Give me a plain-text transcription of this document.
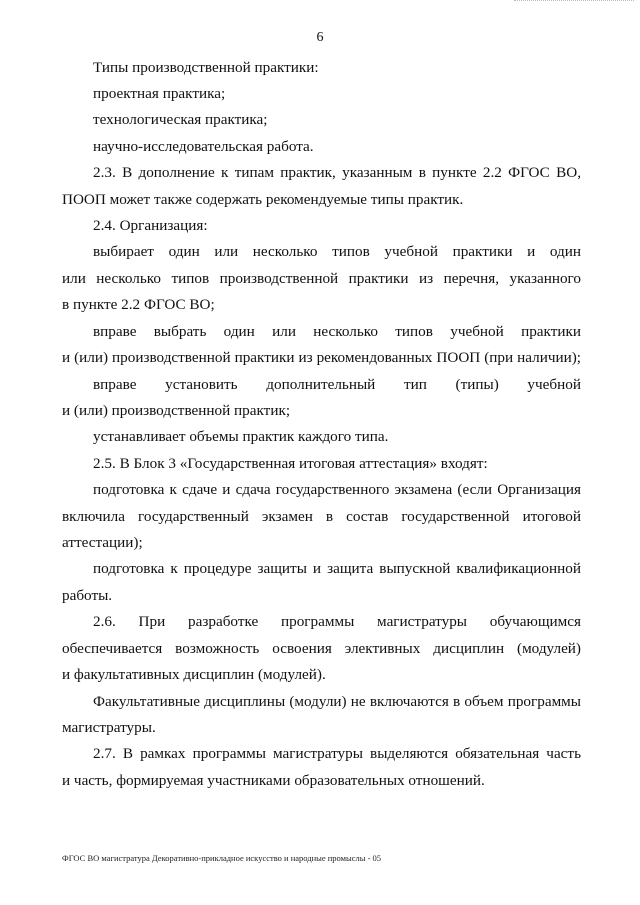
6
Типы производственной практики:
проектная практика;
технологическая практика;
научно-исследовательская работа.
2.3. В дополнение к типам практик, указанным в пункте 2.2 ФГОС ВО,
ПООП может также содержать рекомендуемые типы практик.
2.4. Организация:
выбирает один или несколько типов учебной практики и один
или несколько типов производственной практики из перечня, указанного
в пункте 2.2 ФГОС ВО;
вправе выбрать один или несколько типов учебной практики
и (или) производственной практики из рекомендованных ПООП (при наличии);
вправе установить дополнительный тип (типы) учебной
и (или) производственной практик;
устанавливает объемы практик каждого типа.
2.5. В Блок 3 «Государственная итоговая аттестация» входят:
подготовка к сдаче и сдача государственного экзамена (если Организация
включила государственный экзамен в состав государственной итоговой
аттестации);
подготовка к процедуре защиты и защита выпускной квалификационной
работы.
2.6. При разработке программы магистратуры обучающимся
обеспечивается возможность освоения элективных дисциплин (модулей)
и факультативных дисциплин (модулей).
Факультативные дисциплины (модули) не включаются в объем программы
магистратуры.
2.7. В рамках программы магистратуры выделяются обязательная часть
и часть, формируемая участниками образовательных отношений.
ФГОС ВО магистратура Декоративно-прикладное искусство и народные промыслы - 05
